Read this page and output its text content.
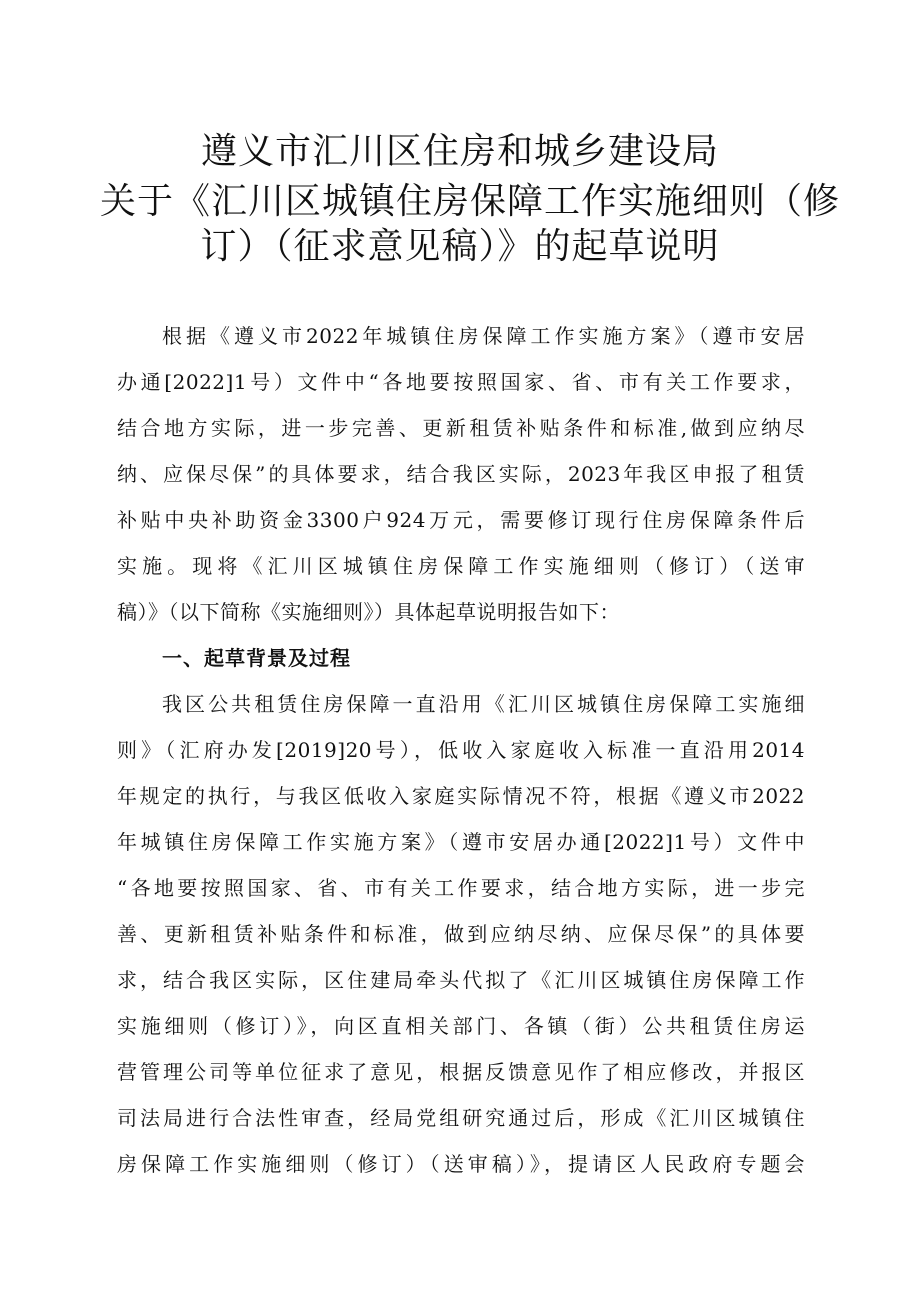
遵义市汇川区住房和城乡建设局
关于《汇川区城镇住房保障工作实施细则（修
订）（征求意见稿）》的起草说明
根据《遵义市2022年城镇住房保障工作实施方案》（遵市安居
办通[2022]1号）文件中“各地要按照国家、省、市有关工作要求，
结合地方实际，进一步完善、更新租赁补贴条件和标准,做到应纳尽
纳、应保尽保”的具体要求，结合我区实际，2023年我区申报了租赁
补贴中央补助资金3300户924万元，需要修订现行住房保障条件后
实施。现将《汇川区城镇住房保障工作实施细则（修订）（送审
稿）》（以下简称《实施细则》）具体起草说明报告如下：
一、起草背景及过程
我区公共租赁住房保障一直沿用《汇川区城镇住房保障工实施细
则》（汇府办发[2019]20号），低收入家庭收入标准一直沿用2014
年规定的执行，与我区低收入家庭实际情况不符，根据《遵义市2022
年城镇住房保障工作实施方案》（遵市安居办通[2022]1号）文件中
“各地要按照国家、省、市有关工作要求，结合地方实际，进一步完
善、更新租赁补贴条件和标准，做到应纳尽纳、应保尽保”的具体要
求，结合我区实际，区住建局牵头代拟了《汇川区城镇住房保障工作
实施细则（修订）》，向区直相关部门、各镇（街）公共租赁住房运
营管理公司等单位征求了意见，根据反馈意见作了相应修改，并报区
司法局进行合法性审查，经局党组研究通过后，形成《汇川区城镇住
房保障工作实施细则（修订）（送审稿）》，提请区人民政府专题会
